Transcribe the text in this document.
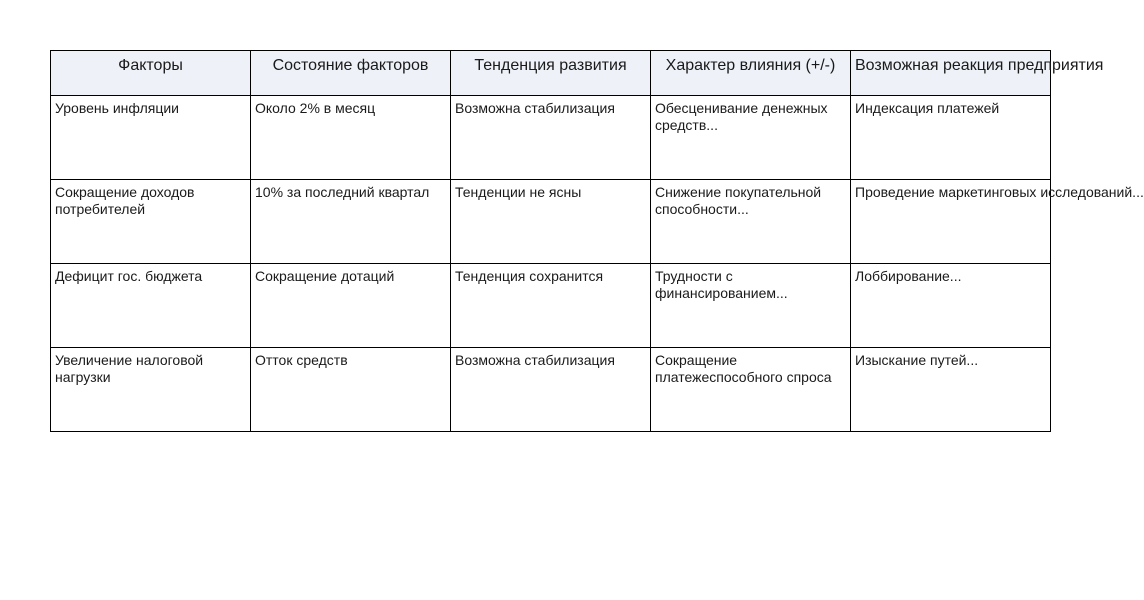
Факторы	Состояние факторов	Тенденция развития	Характер влияния (+/-)	Возможная реакция предприятия

Уровень инфляции	Около 2% в месяц	Возможна стабилизация	Обесценивание денежных средств...	Индексация платежей

Сокращение доходов потребителей	10% за последний квартал	Тенденции не ясны	Снижение покупательной способности...	Проведение маркетинговых исследований...

Дефицит гос. бюджета	Сокращение дотаций	Тенденция сохранится	Трудности с финансированием...	Лоббирование...

Увеличение налоговой нагрузки	Отток средств	Возможна стабилизация	Сокращение платежеспособного спроса	Изыскание путей...
